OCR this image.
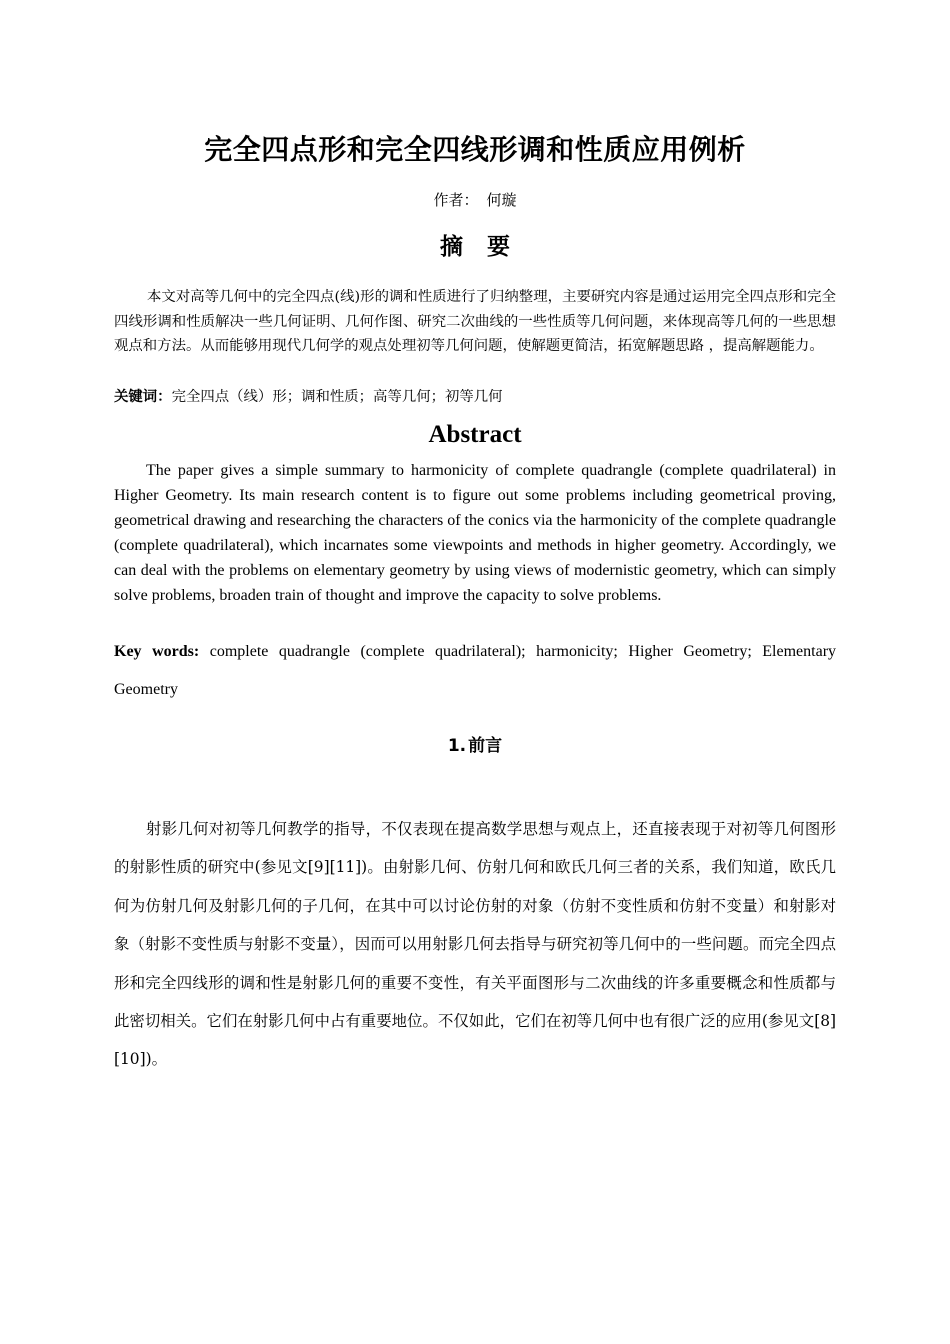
完全四点形和完全四线形调和性质应用例析
作者： 何璇
摘要

本文对高等几何中的完全四点(线)形的调和性质进行了归纳整理，主要研究内容是通过运用完全四点形和完全四线形调和性质解决一些几何证明、几何作图、研究二次曲线的一些性质等几何问题，来体现高等几何的一些思想观点和方法。从而能够用现代几何学的观点处理初等几何问题，使解题更简洁，拓宽解题思路 ，提高解题能力。

关键词：完全四点（线）形；调和性质；高等几何；初等几何

Abstract

The paper gives a simple summary to harmonicity of complete quadrangle (complete quadrilateral) in Higher Geometry. Its main research content is to figure out some problems including geometrical proving, geometrical drawing and researching the characters of the conics via the harmonicity of the complete quadrangle (complete quadrilateral), which incarnates some viewpoints and methods in higher geometry. Accordingly, we can deal with the problems on elementary geometry by using views of modernistic geometry, which can simply solve problems, broaden train of thought and improve the capacity to solve problems.

Key words: complete quadrangle (complete quadrilateral); harmonicity; Higher Geometry; Elementary Geometry

1. 前言

射影几何对初等几何教学的指导，不仅表现在提高数学思想与观点上，还直接表现于对初等几何图形的射影性质的研究中(参见文[9][11])。由射影几何、仿射几何和欧氏几何三者的关系，我们知道，欧氏几何为仿射几何及射影几何的子几何，在其中可以讨论仿射的对象（仿射不变性质和仿射不变量）和射影对象（射影不变性质与射影不变量），因而可以用射影几何去指导与研究初等几何中的一些问题。而完全四点形和完全四线形的调和性是射影几何的重要不变性，有关平面图形与二次曲线的许多重要概念和性质都与此密切相关。它们在射影几何中占有重要地位。不仅如此，它们在初等几何中也有很广泛的应用(参见文[8][10])。
